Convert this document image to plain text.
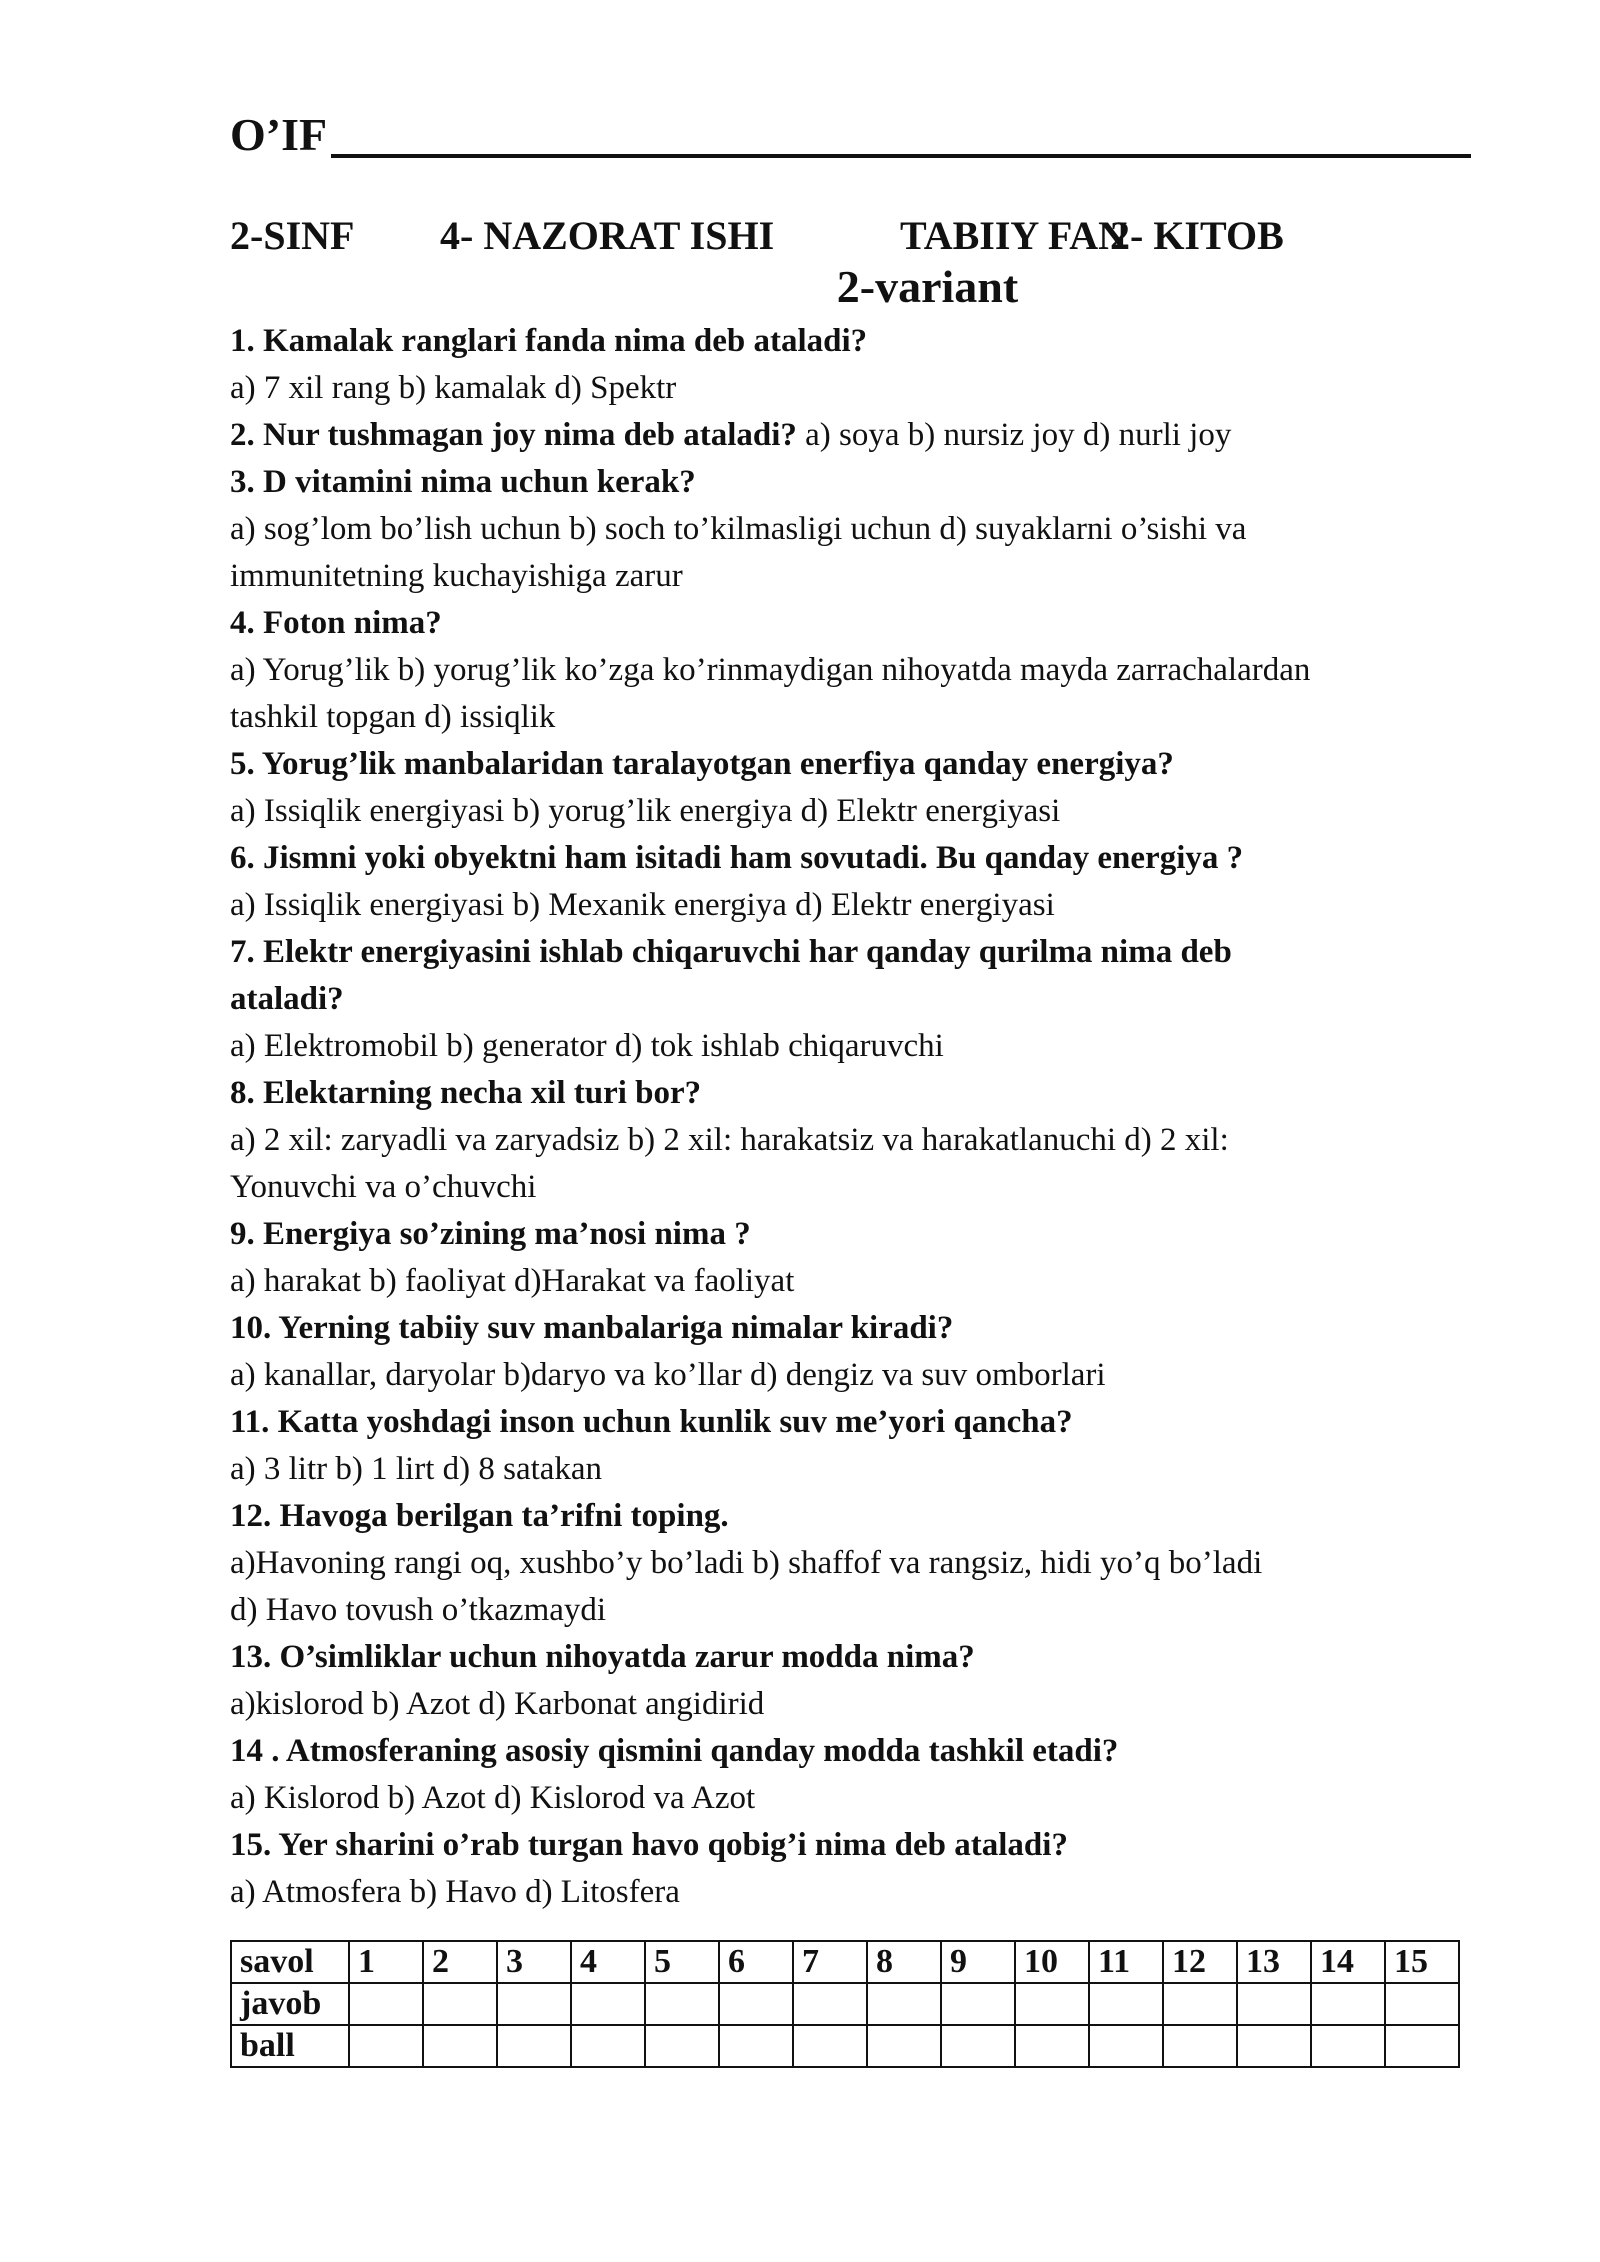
O’IF
2-SINF 4- NAZORAT ISHI	TABIIY FAN2- KITOB
2-variant
1. Kamalak ranglari fanda nima deb ataladi?
a) 7 xil rang b) kamalak d) Spektr
2. Nur tushmagan joy nima deb ataladi? a) soya b) nursiz joy d) nurli joy
3. D vitamini nima uchun kerak?
a) sog’lom bo’lish uchun b) soch to’kilmasligi uchun d) suyaklarni o’sishi va
immunitetning kuchayishiga zarur
4. Foton nima?
a) Yorug’lik b) yorug’lik ko’zga ko’rinmaydigan nihoyatda mayda zarrachalardan
tashkil topgan d) issiqlik
5. Yorug’lik manbalaridan taralayotgan enerfiya qanday energiya?
a) Issiqlik energiyasi b) yorug’lik energiya d) Elektr energiyasi
6. Jismni yoki obyektni ham isitadi ham sovutadi. Bu qanday energiya ?
a) Issiqlik energiyasi b) Mexanik energiya d) Elektr energiyasi
7. Elektr energiyasini ishlab chiqaruvchi har qanday qurilma nima deb
ataladi?
a) Elektromobil b) generator d) tok ishlab chiqaruvchi
8. Elektarning necha xil turi bor?
a) 2 xil: zaryadli va zaryadsiz b) 2 xil: harakatsiz va harakatlanuchi d) 2 xil:
Yonuvchi va o’chuvchi
9. Energiya so’zining ma’nosi nima ?
a) harakat b) faoliyat d)Harakat va faoliyat
10. Yerning tabiiy suv manbalariga nimalar kiradi?
a) kanallar, daryolar b)daryo va ko’llar d) dengiz va suv omborlari
11. Katta yoshdagi inson uchun kunlik suv me’yori qancha?
a) 3 litr b) 1 lirt d) 8 satakan
12. Havoga berilgan ta’rifni toping.
a)Havoning rangi oq, xushbo’y bo’ladi b) shaffof va rangsiz, hidi yo’q bo’ladi
d) Havo tovush o’tkazmaydi
13. O’simliklar uchun nihoyatda zarur modda nima?
a)kislorod b) Azot d) Karbonat angidirid
14 . Atmosferaning asosiy qismini qanday modda tashkil etadi?
a) Kislorod b) Azot d) Kislorod va Azot
15. Yer sharini o’rab turgan havo qobig’i nima deb ataladi?
a) Atmosfera b) Havo d) Litosfera
savol	1	2	3	4	5	6	7	8	9	10	11	12	13	14	15
javob															
ball															
